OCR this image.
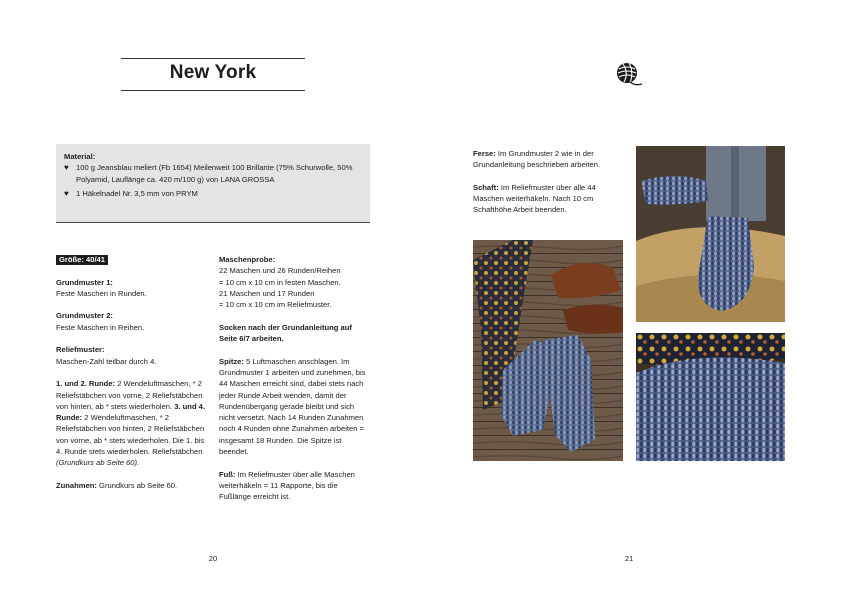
New York
Material:
♥ 100 g Jeansblau meliert (Fb 1654) Meilenweit 100 Brillante (75% Schurwolle, 50% Polyamid, Lauflänge ca. 420 m/100 g) von LANA GROSSA
♥ 1 Häkelnadel Nr. 3,5 mm von PRYM

Größe: 40/41

Grundmuster 1:

Feste Maschen in Runden.

Grundmuster 2:

Feste Maschen in Reihen.

Reliefmuster:

Maschen-Zahl teilbar durch 4.

1. und 2. Runde: 2 Wendeluftmaschen, * 2 Reliefstäbchen von vorne, 2 Reliefstäbchen von hinten, ab * stets wiederholen. 3. und 4. Runde: 2 Wendeluftmaschen, * 2 Reliefstäbchen von hinten, 2 Reliefstäbchen von vorne, ab * stets wiederholen. Die 1. bis 4. Runde stets wiederholen. Reliefstäbchen (Grundkurs ab Seite 60).

Zunahmen: Grundkurs ab Seite 60.

Maschenprobe:

22 Maschen und 26 Runden/Reihen

= 10 cm x 10 cm in festen Maschen.

21 Maschen und 17 Runden

= 10 cm x 10 cm im Reliefmuster.

Socken nach der Grundanleitung auf Seite 6/7 arbeiten.

Spitze: 5 Luftmaschen anschlagen. Im Grundmuster 1 arbeiten und zunehmen, bis 44 Maschen erreicht sind, dabei stets nach jeder Runde Arbeit wenden, damit der Rundenübergang gerade bleibt und sich nicht versetzt. Nach 14 Runden Zunahmen noch 4 Runden ohne Zunahmen arbeiten = insgesamt 18 Runden. Die Spitze ist beendet.

Fuß: Im Reliefmuster über alle Maschen weiterhäkeln = 11 Rapporte, bis die Fußlänge erreicht ist.

20

Ferse: Im Grundmuster 2 wie in der Grundanleitung beschrieben arbeiten.

Schaft: Im Reliefmuster über alle 44 Maschen weiterhäkeln. Nach 10 cm Schafthöhe Arbeit beenden.

21
